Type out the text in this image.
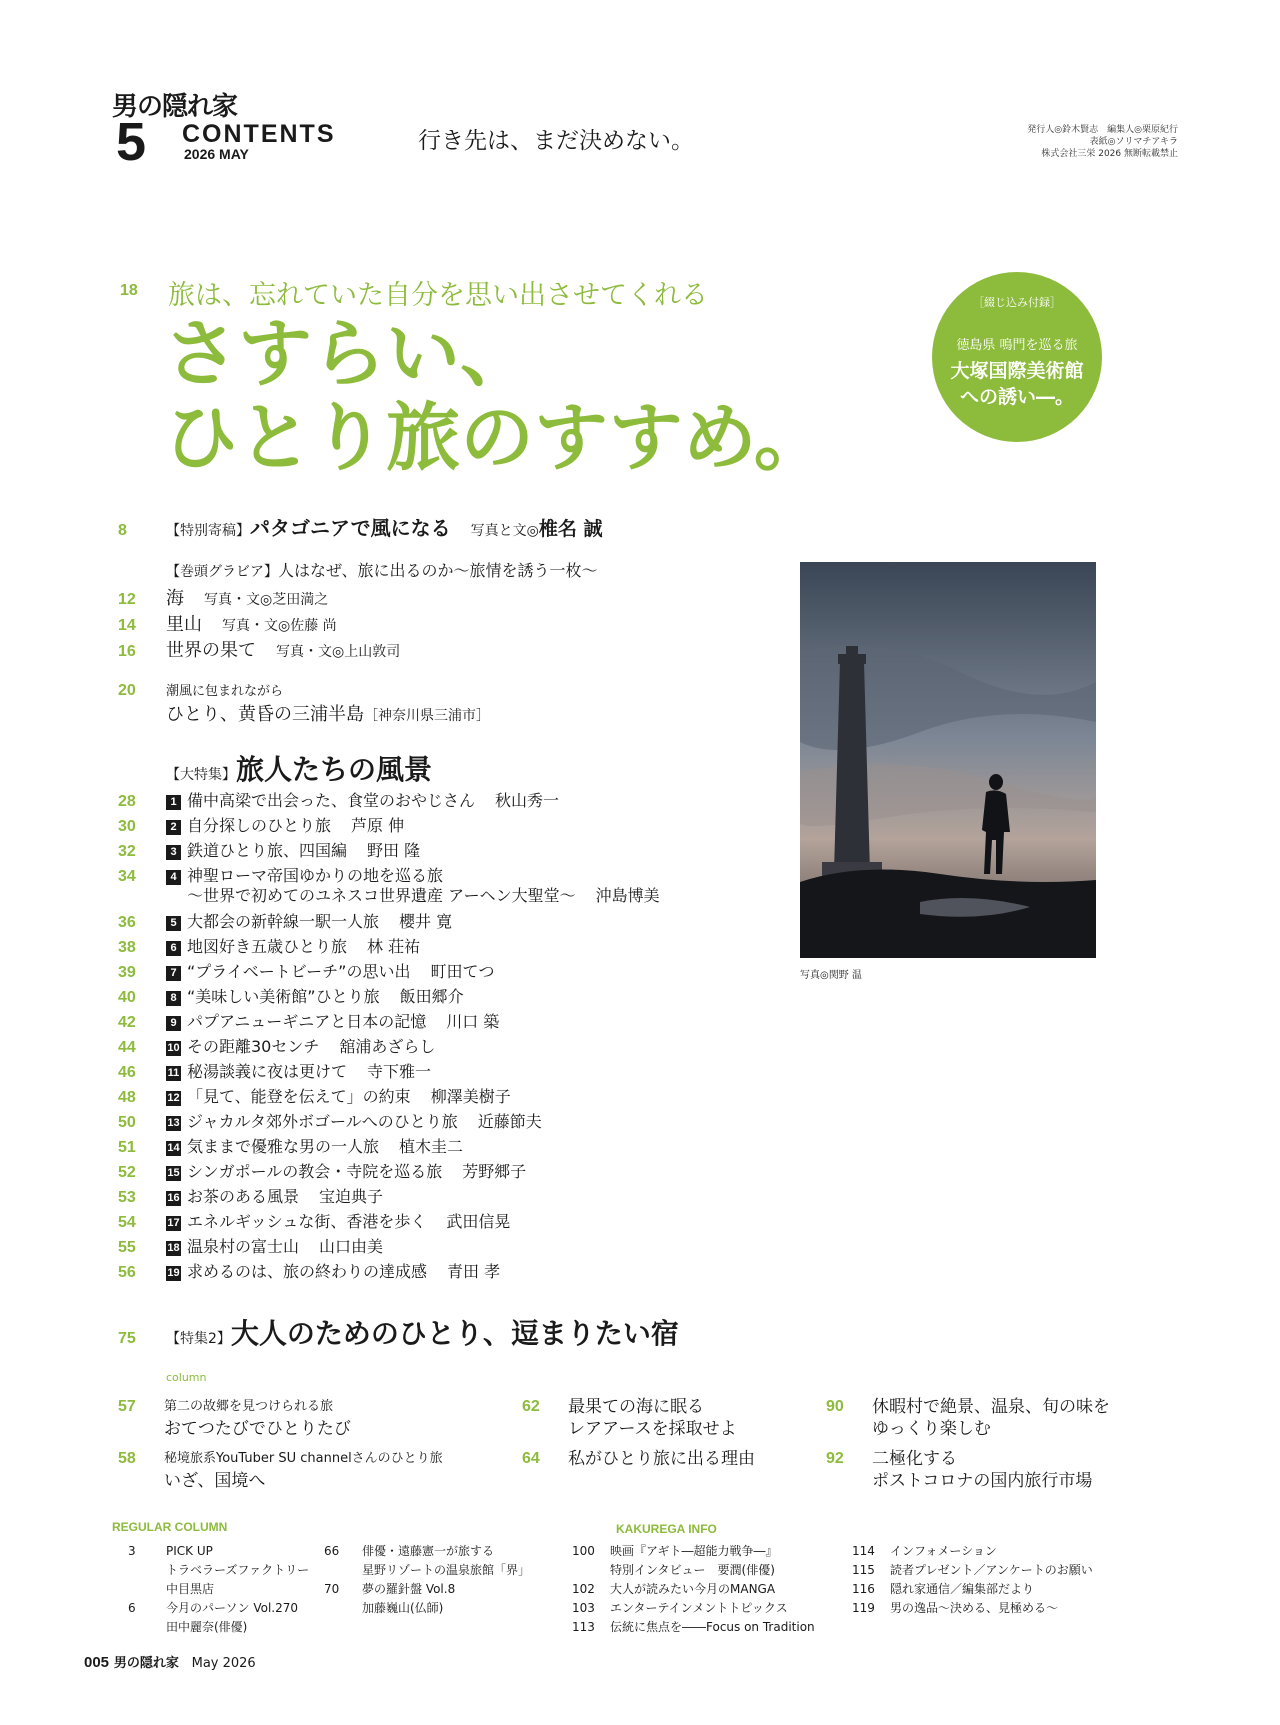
男の隠れ家
5 CONTENTS
2026 MAY	行き先は、まだ決めない。	発行人◎鈴木賢志　編集人◎栗原紀行
表紙◎ソリマチアキラ
株式会社三栄 2026 無断転載禁止
18 旅は、忘れていた自分を思い出させてくれる
さすらい、
ひとり旅のすすめ。
［綴じ込み付録］
徳島県 鳴門を巡る旅
大塚国際美術館
への誘い―。
8	【特別寄稿】パタゴニアで風になる 写真と文◎椎名 誠
【巻頭グラビア】人はなぜ、旅に出るのか～旅情を誘う一枚～
12 海 写真・文◎芝田満之
14 里山 写真・文◎佐藤 尚
16 世界の果て 写真・文◎上山敦司
20 潮風に包まれながら
ひとり、黄昏の三浦半島［神奈川県三浦市］
【大特集】旅人たちの風景
28	1 備中高梁で出会った、食堂のおやじさん 秋山秀一
30	2 自分探しのひとり旅 芦原 伸
32	3 鉄道ひとり旅、四国編 野田 隆
34	4 神聖ローマ帝国ゆかりの地を巡る旅
～世界で初めてのユネスコ世界遺産 アーヘン大聖堂～ 沖島博美
36	5 大都会の新幹線一駅一人旅 櫻井 寛
38	6 地図好き五歳ひとり旅 林 荘祐
39	7 “プライベートビーチ”の思い出 町田てつ
40	8 “美味しい美術館”ひとり旅 飯田郷介
42	9 パプアニューギニアと日本の記憶 川口 築
44	10 その距離30センチ 舘浦あざらし
46	11 秘湯談義に夜は更けて 寺下雅一
48	12 「見て、能登を伝えて」の約束 柳澤美樹子
50	13 ジャカルタ郊外ボゴールへのひとり旅 近藤節夫
51	14 気ままで優雅な男の一人旅 植木圭二
52	15 シンガポールの教会・寺院を巡る旅 芳野郷子
53	16 お茶のある風景 宝迫典子
54	17 エネルギッシュな街、香港を歩く 武田信晃
55	18 温泉村の富士山 山口由美
56	19 求めるのは、旅の終わりの達成感 青田 孝
75 【特集2】大人のためのひとり、逗まりたい宿
写真◎関野 温
column
57 第二の故郷を見つけられる旅
おてつたびでひとりたび
58 秘境旅系YouTuber SU channelさんのひとり旅
いざ、国境へ
62 最果ての海に眠る
レアアースを採取せよ
64 私がひとり旅に出る理由
90 休暇村で絶景、温泉、旬の味を
ゆっくり楽しむ
92 二極化する
ポストコロナの国内旅行市場
REGULAR COLUMN
3	PICK UP
トラベラーズファクトリー
中目黒店
6	今月のパーソン Vol.270
田中麗奈(俳優)
66 俳優・遠藤憲一が旅する
星野リゾートの温泉旅館「界」
70 夢の羅針盤 Vol.8
加藤巍山(仏師)
KAKUREGA INFO
100 映画『アギト―超能力戦争―』
特別インタビュー　要潤(俳優)
102 大人が読みたい今月のMANGA
103 エンターテインメントトピックス
113 伝統に焦点を――Focus on Tradition
114 インフォメーション
115 読者プレゼント／アンケートのお願い
116 隠れ家通信／編集部だより
119 男の逸品～決める、見極める～
005 男の隠れ家 May 2026
